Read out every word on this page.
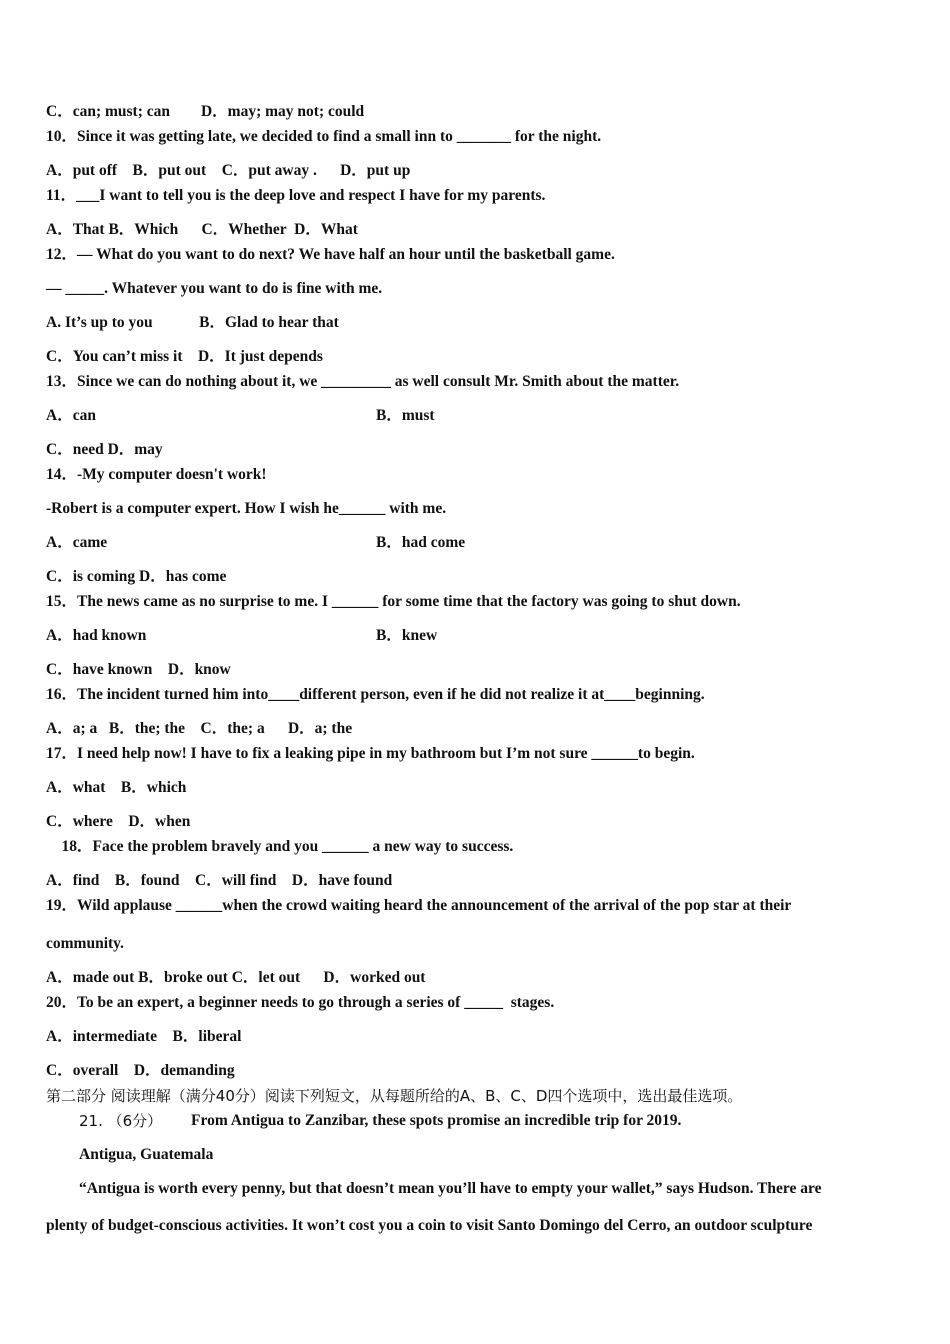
C．can; must; can        D．may; may not; could
10．Since it was getting late, we decided to find a small inn to _______ for the night.
A．put off    B．put out    C．put away .      D．put up
11．___I want to tell you is the deep love and respect I have for my parents.
A．That B．Which      C．Whether  D．What
12．— What do you want to do next? We have half an hour until the basketball game.
— _____. Whatever you want to do is fine with me.
A. It’s up to you            B．Glad to hear that
C．You can’t miss it    D．It just depends
13．Since we can do nothing about it, we _________ as well consult Mr. Smith about the matter.
A．can	B．must
C．need D．may
14．-My computer doesn't work!
-Robert is a computer expert. How I wish he______ with me.
A．came	B．had come
C．is coming D．has come
15．The news came as no surprise to me. I ______ for some time that the factory was going to shut down.
A．had known	B．knew
C．have known    D．know
16．The incident turned him into____different person, even if he did not realize it at____beginning.
A．a; a   B．the; the    C．the; a      D．a; the
17．I need help now! I have to fix a leaking pipe in my bathroom but I’m not sure ______to begin.
A．what    B．which
C．where    D．when
18．Face the problem bravely and you ______ a new way to success.
A．find    B．found    C．will find    D．have found
19．Wild applause ______when the crowd waiting heard the announcement of the arrival of the pop star at their
community.
A．made out B．broke out C．let out      D．worked out
20．To be an expert, a beginner needs to go through a series of _____  stages.
A．intermediate    B．liberal
C．overall    D．demanding
第二部分 阅读理解（满分40分）阅读下列短文，从每题所给的A、B、C、D四个选项中，选出最佳选项。
21. （6分） From Antigua to Zanzibar, these spots promise an incredible trip for 2019.
Antigua, Guatemala
“Antigua is worth every penny, but that doesn’t mean you’ll have to empty your wallet,” says Hudson. There are
plenty of budget-conscious activities. It won’t cost you a coin to visit Santo Domingo del Cerro, an outdoor sculpture
